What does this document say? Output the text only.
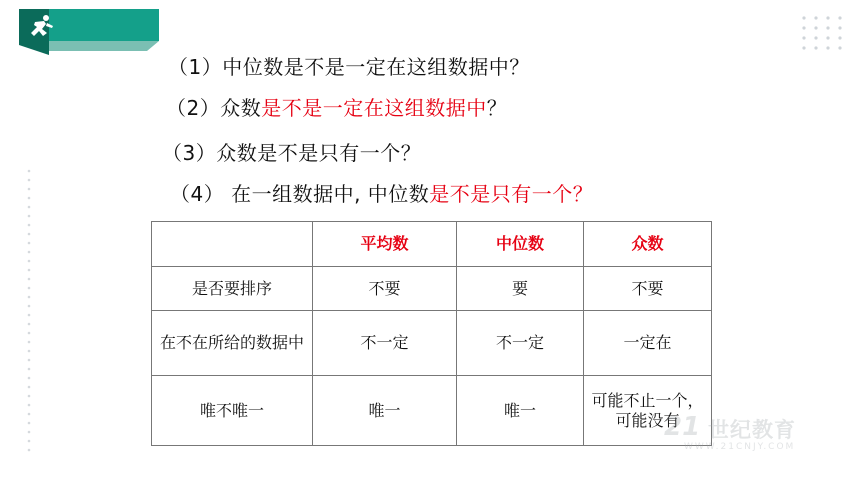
（1）中位数是不是一定在这组数据中？
（2）众数是不是一定在这组数据中？
（3）众数是不是只有一个？
（4） 在一组数据中, 中位数是不是只有一个？
	平均数	中位数	众数
是否要排序	不要	要	不要
在不在所给的数据中	不一定	不一定	一定在
唯不唯一	唯一	唯一	可能不止一个，可能没有
21 世纪教育
WWW.21CNJY.COM
